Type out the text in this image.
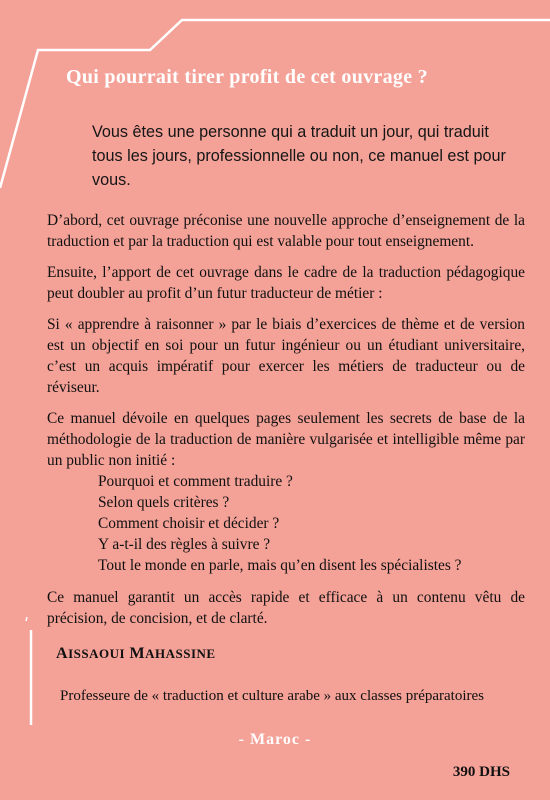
Qui pourrait tirer profit de cet ouvrage ?

Vous êtes une personne qui a traduit un jour, qui traduit tous les jours, professionnelle ou non, ce manuel est pour vous.

D’abord, cet ouvrage préconise une nouvelle approche d’enseignement de la traduction et par la traduction qui est valable pour tout enseignement.

Ensuite, l’apport de cet ouvrage dans le cadre de la traduction pédagogique peut doubler au profit d’un futur traducteur de métier :

Si « apprendre à raisonner » par le biais d’exercices de thème et de version est un objectif en soi pour un futur ingénieur ou un étudiant universitaire, c’est un acquis impératif pour exercer les métiers de traducteur ou de réviseur.

Ce manuel dévoile en quelques pages seulement les secrets de base de la méthodologie de la traduction de manière vulgarisée et intelligible même par un public non initié :

Pourquoi et comment traduire ?
Selon quels critères ?
Comment choisir et décider ?
Y a-t-il des règles à suivre ?
Tout le monde en parle, mais qu’en disent les spécialistes ?

Ce manuel garantit un accès rapide et efficace à un contenu vêtu de précision, de concision, et de clarté.

AISSAOUI MAHASSINE

Professeure de « traduction et culture arabe » aux classes préparatoires

- Maroc -
390 DHS
